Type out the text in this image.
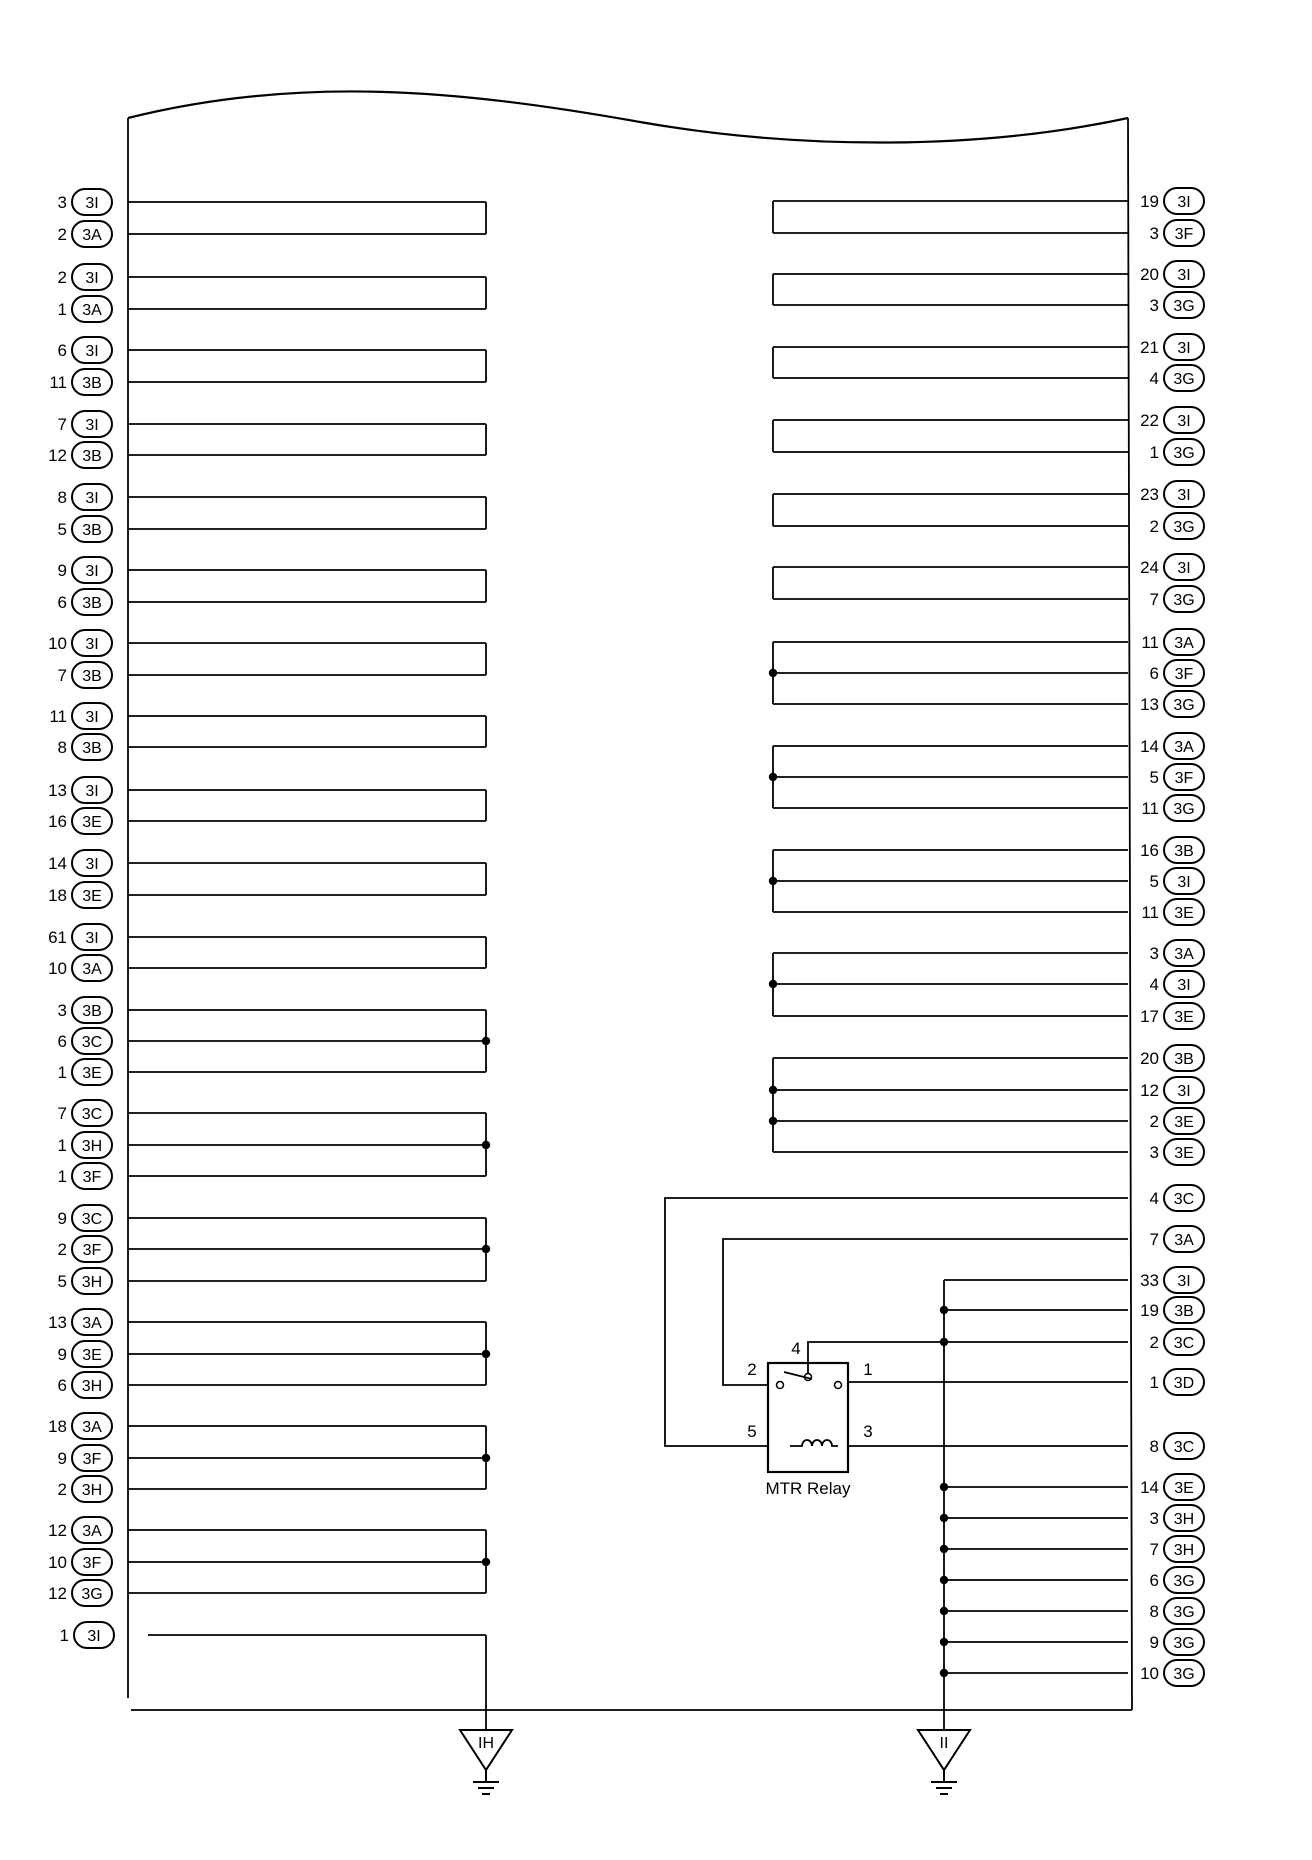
3 3I
2 3A
2 3I
1 3A
6 3I
11 3B
7 3I
12 3B
8 3I
5 3B
9 3I
6 3B
10 3I
7 3B
11 3I
8 3B
13 3I
16 3E
14 3I
18 3E
61 3I
10 3A
3 3B
6 3C
1 3E
7 3C
1 3H
1 3F
9 3C
2 3F
5 3H
13 3A
9 3E
6 3H
18 3A
9 3F
2 3H
12 3A
10 3F
12 3G
1 3I
19 3I
3 3F
20 3I
3 3G
21 3I
4 3G
22 3I
1 3G
23 3I
2 3G
24 3I
7 3G
11 3A
6 3F
13 3G
14 3A
5 3F
11 3G
16 3B
5 3I
11 3E
3 3A
4 3I
17 3E
20 3B
12 3I
2 3E
3 3E
4 3C
7 3A
1 3D
8 3C
33 3I
19 3B
2 3C
14 3E
3 3H
7 3H
6 3G
8 3G
9 3G
10 3G
MTR Relay
1
2
3
4
5
IH	II
